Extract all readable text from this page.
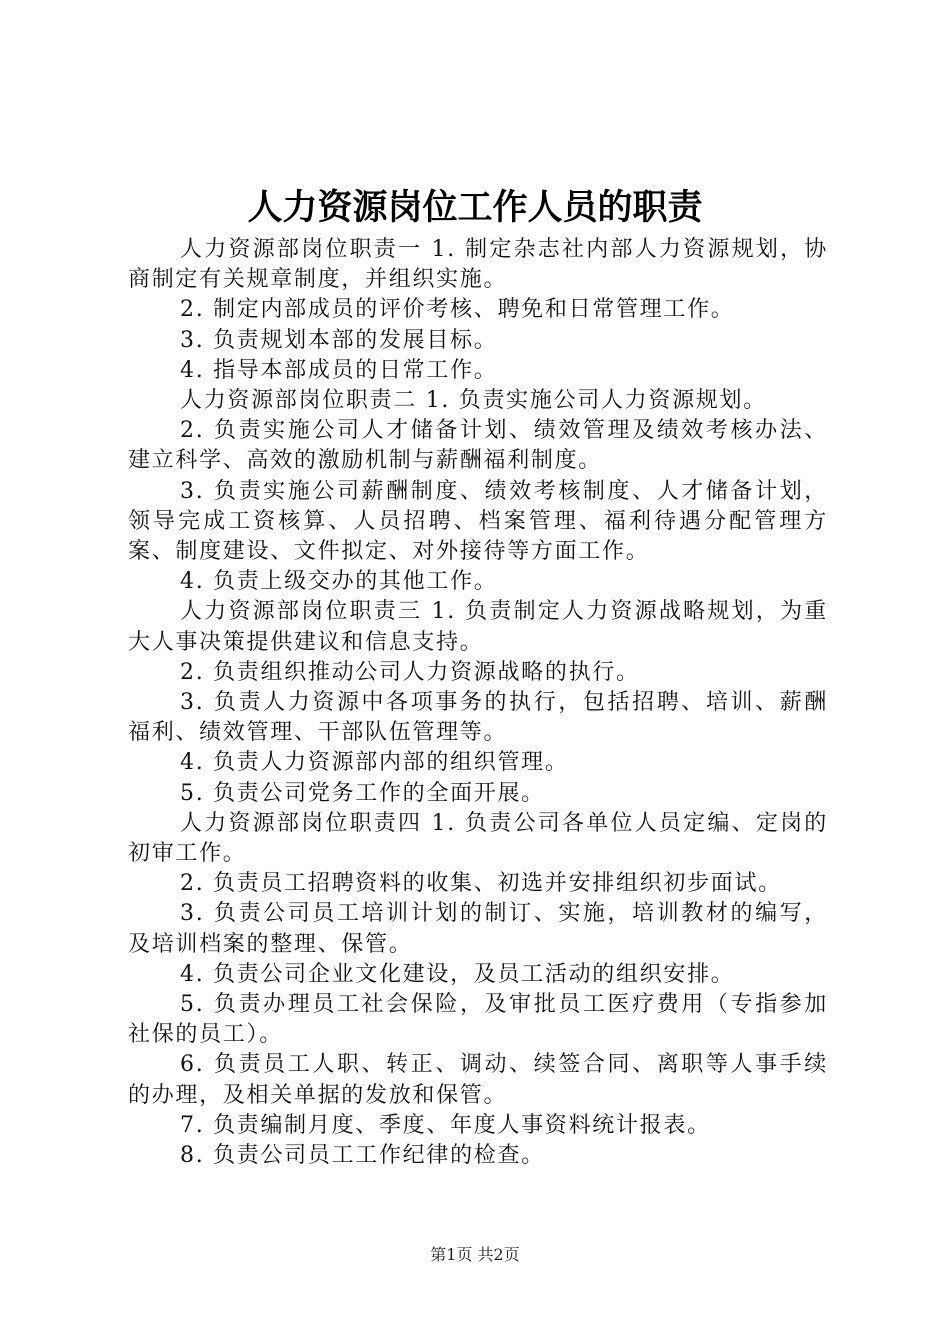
人力资源岗位工作人员的职责

人力资源部岗位职责一 1. 制定杂志社内部人力资源规划，协商制定有关规章制度，并组织实施。

2. 制定内部成员的评价考核、聘免和日常管理工作。

3. 负责规划本部的发展目标。

4. 指导本部成员的日常工作。

人力资源部岗位职责二 1. 负责实施公司人力资源规划。

2. 负责实施公司人才储备计划、绩效管理及绩效考核办法、建立科学、高效的激励机制与薪酬福利制度。

3. 负责实施公司薪酬制度、绩效考核制度、人才储备计划，领导完成工资核算、人员招聘、档案管理、福利待遇分配管理方案、制度建设、文件拟定、对外接待等方面工作。

4. 负责上级交办的其他工作。

人力资源部岗位职责三 1. 负责制定人力资源战略规划，为重大人事决策提供建议和信息支持。

2. 负责组织推动公司人力资源战略的执行。

3. 负责人力资源中各项事务的执行，包括招聘、培训、薪酬福利、绩效管理、干部队伍管理等。

4. 负责人力资源部内部的组织管理。

5. 负责公司党务工作的全面开展。

人力资源部岗位职责四 1. 负责公司各单位人员定编、定岗的初审工作。

2. 负责员工招聘资料的收集、初选并安排组织初步面试。

3. 负责公司员工培训计划的制订、实施，培训教材的编写，及培训档案的整理、保管。

4. 负责公司企业文化建设，及员工活动的组织安排。

5. 负责办理员工社会保险，及审批员工医疗费用（专指参加社保的员工）。

6. 负责员工人职、转正、调动、续签合同、离职等人事手续的办理，及相关单据的发放和保管。

7. 负责编制月度、季度、年度人事资料统计报表。

8. 负责公司员工工作纪律的检查。

第1页 共2页
